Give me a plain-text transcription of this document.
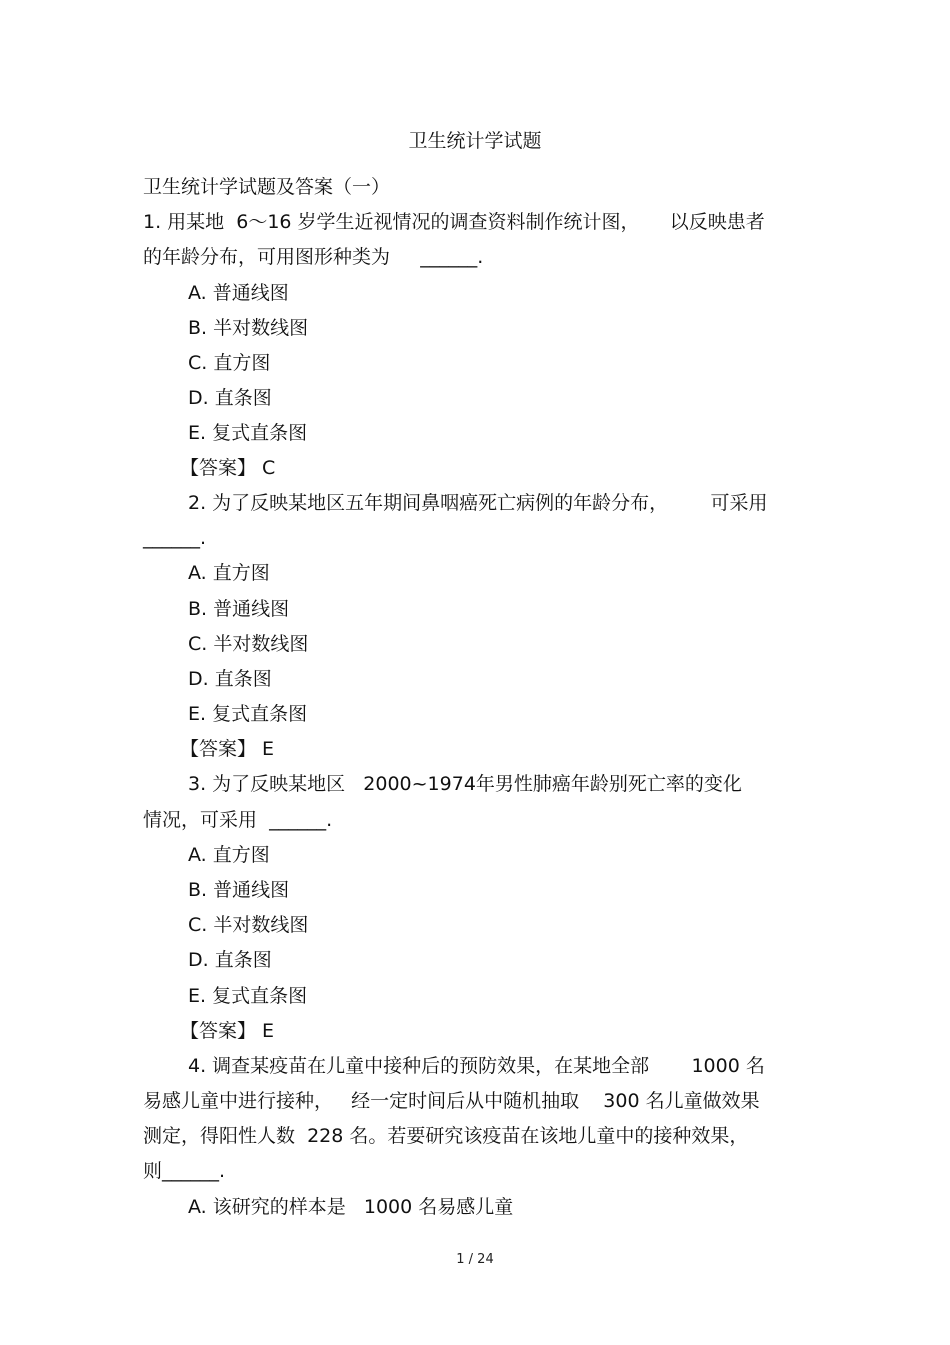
卫生统计学试题
卫生统计学试题及答案（一）
1. 用某地  6～16 岁学生近视情况的调查资料制作统计图，     以反映患者
的年龄分布，可用图形种类为     ______.
A. 普通线图
B. 半对数线图
C. 直方图
D. 直条图
E. 复式直条图
【答案】 C
2. 为了反映某地区五年期间鼻咽癌死亡病例的年龄分布，       可采用
______.
A. 直方图
B. 普通线图
C. 半对数线图
D. 直条图
E. 复式直条图
【答案】 E
3. 为了反映某地区   2000~1974年男性肺癌年龄别死亡率的变化
情况，可采用  ______.
A. 直方图
B. 普通线图
C. 半对数线图
D. 直条图
E. 复式直条图
【答案】 E
4. 调查某疫苗在儿童中接种后的预防效果，在某地全部       1000 名
易感儿童中进行接种，   经一定时间后从中随机抽取    300 名儿童做效果
测定，得阳性人数  228 名。若要研究该疫苗在该地儿童中的接种效果，
则______.
A. 该研究的样本是   1000 名易感儿童
1 / 24
